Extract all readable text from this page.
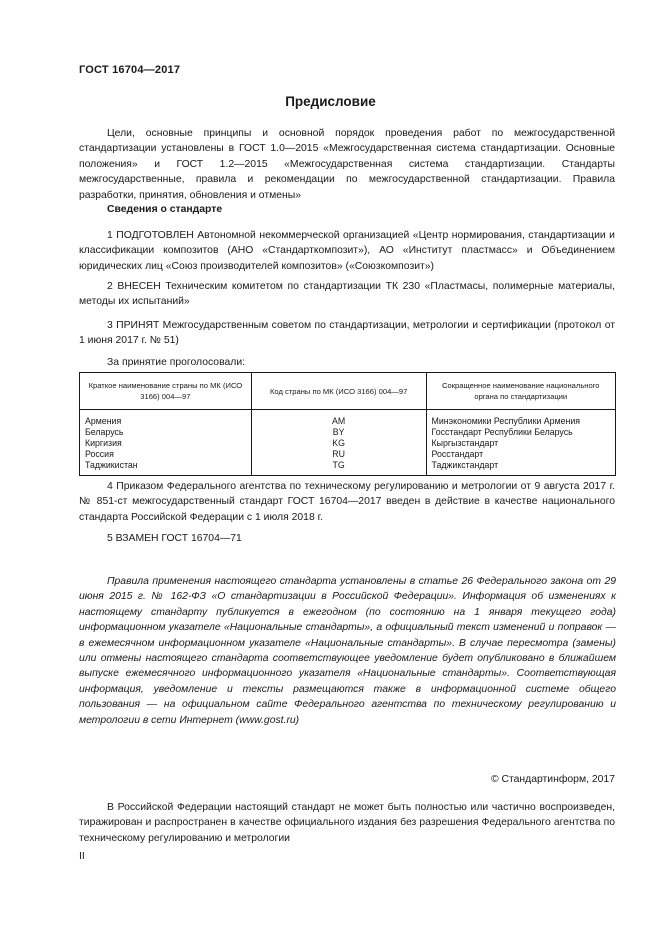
ГОСТ 16704—2017
Предисловие

Цели, основные принципы и основной порядок проведения работ по межгосударственной стандартизации установлены в ГОСТ 1.0—2015 «Межгосударственная система стандартизации. Основные положения» и ГОСТ 1.2—2015 «Межгосударственная система стандартизации. Стандарты межгосударственные, правила и рекомендации по межгосударственной стандартизации. Правила разработки, принятия, обновления и отмены»

Сведения о стандарте

1 ПОДГОТОВЛЕН Автономной некоммерческой организацией «Центр нормирования, стандартизации и классификации композитов (АНО «Стандарткомпозит»), АО «Институт пластмасс» и Объединением юридических лиц «Союз производителей композитов» («Союзкомпозит»)

2 ВНЕСЕН Техническим комитетом по стандартизации ТК 230 «Пластмасы, полимерные материалы, методы их испытаний»

3 ПРИНЯТ Межгосударственным советом по стандартизации, метрологии и сертификации (протокол от 1 июня 2017 г. № 51)

За принятие проголосовали:
Краткое наименование страны по МК (ИСО 3166) 004—97	Код страны по МК (ИСО 3166) 004—97	Сокращенное наименование национального органа по стандартизации
Армения	AM	Минэкономики Республики Армения
Беларусь	BY	Госстандарт Республики Беларусь
Киргизия	KG	Кыргызстандарт
Россия	RU	Росстандарт
Таджикистан	TG	Таджикстандарт

4 Приказом Федерального агентства по техническому регулированию и метрологии от 9 августа 2017 г. № 851-ст межгосударственный стандарт ГОСТ 16704—2017 введен в действие в качестве национального стандарта Российской Федерации с 1 июля 2018 г.

5 ВЗАМЕН ГОСТ 16704—71

Правила применения настоящего стандарта установлены в статье 26 Федерального закона от 29 июня 2015 г. № 162-ФЗ «О стандартизации в Российской Федерации». Информация об изменениях к настоящему стандарту публикуется в ежегодном (по состоянию на 1 января текущего года) информационном указателе «Национальные стандарты», а официальный текст изменений и поправок — в ежемесячном информационном указателе «Национальные стандарты». В случае пересмотра (замены) или отмены настоящего стандарта соответствующее уведомление будет опубликовано в ближайшем выпуске ежемесячного информационного указателя «Национальные стандарты». Соответствующая информация, уведомление и тексты размещаются также в информационной системе общего пользования — на официальном сайте Федерального агентства по техническому регулированию и метрологии в сети Интернет (www.gost.ru)

© Стандартинформ, 2017

В Российской Федерации настоящий стандарт не может быть полностью или частично воспроизведен, тиражирован и распространен в качестве официального издания без разрешения Федерального агентства по техническому регулированию и метрологии

II
